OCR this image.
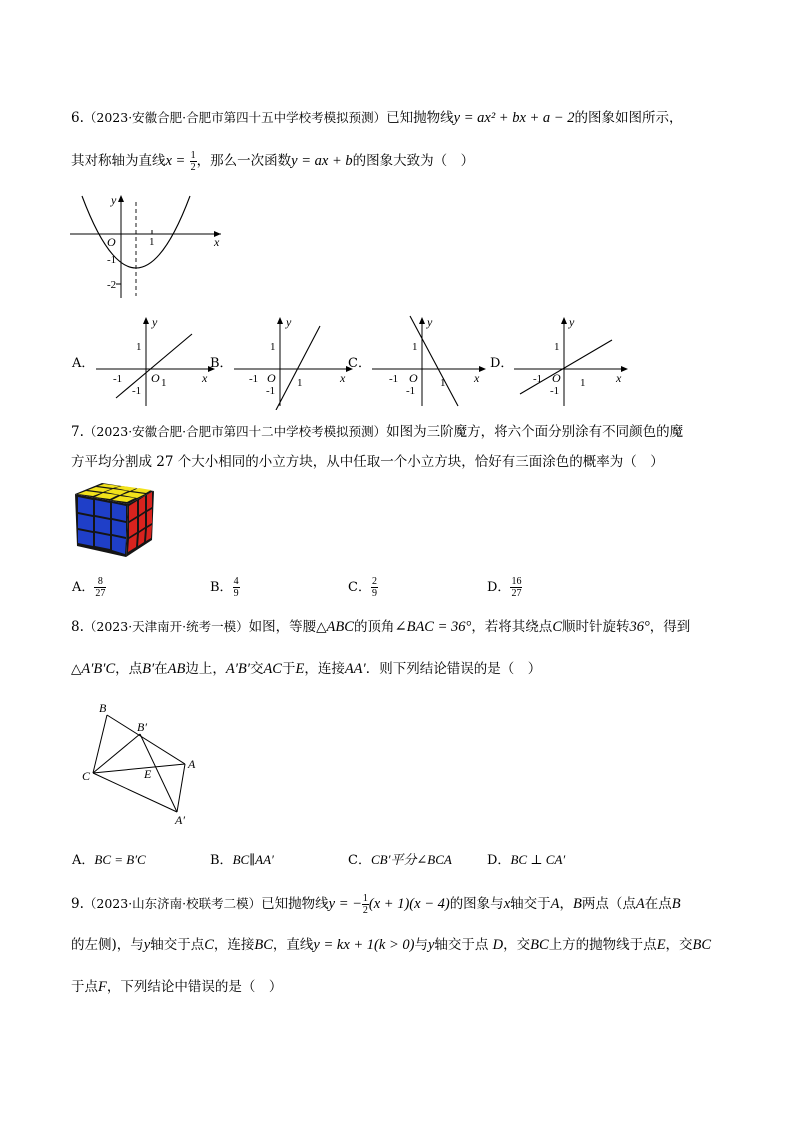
6.（2023·安徽合肥·合肥市第四十五中学校考模拟预测）已知抛物线y = ax² + bx + a − 2的图象如图所示，
其对称轴为直线$x = \frac{1}{2}$ ，那么一次函数y = ax + b的图象大致为（　）
y
x
O	1
-1
-2
A．
y
x
O
1
-1
-1	1
B．
y
x
O
1
-1
-1	1
C．
y
x
O
1
-1
-1	1
D．
y
x
O
1
-1
-1	1
7.（2023·安徽合肥·合肥市第四十二中学校考模拟预测）如图为三阶魔方，将六个面分别涂有不同颜色的魔
方平均分割成 27 个大小相同的小立方块，从中任取一个小立方块，恰好有三面涂色的概率为（　）
A． $\frac{8}{27}$	B． $\frac{4}{9}$	C． $\frac{2}{9}$	D． $\frac{16}{27}$
8.（2023·天津南开·统考一模）如图，等腰△ABC的顶角∠BAC = 36°，若将其绕点C顺时针旋转36°，得到
△A′B′C，点B′在AB边上，A′B′交AC于E，连接AA′．则下列结论错误的是（　）
B
B′
C	E
A
A′
A．BC = B′C	B．BC∥AA′	C．CB′平分∠BCA	D．BC ⊥ CA′
9.（2023·山东济南·校联考二模）已知抛物线y = − $\frac{1}{2} (x + 1)(x - 4)$的图象与x轴交于A，B两点（点A在点B
的左侧)，与y轴交于点C，连接BC，直线y = kx + 1(k > 0)与y轴交于点 D，交BC上方的抛物线于点E，交BC
于点F，下列结论中错误的是（　）
